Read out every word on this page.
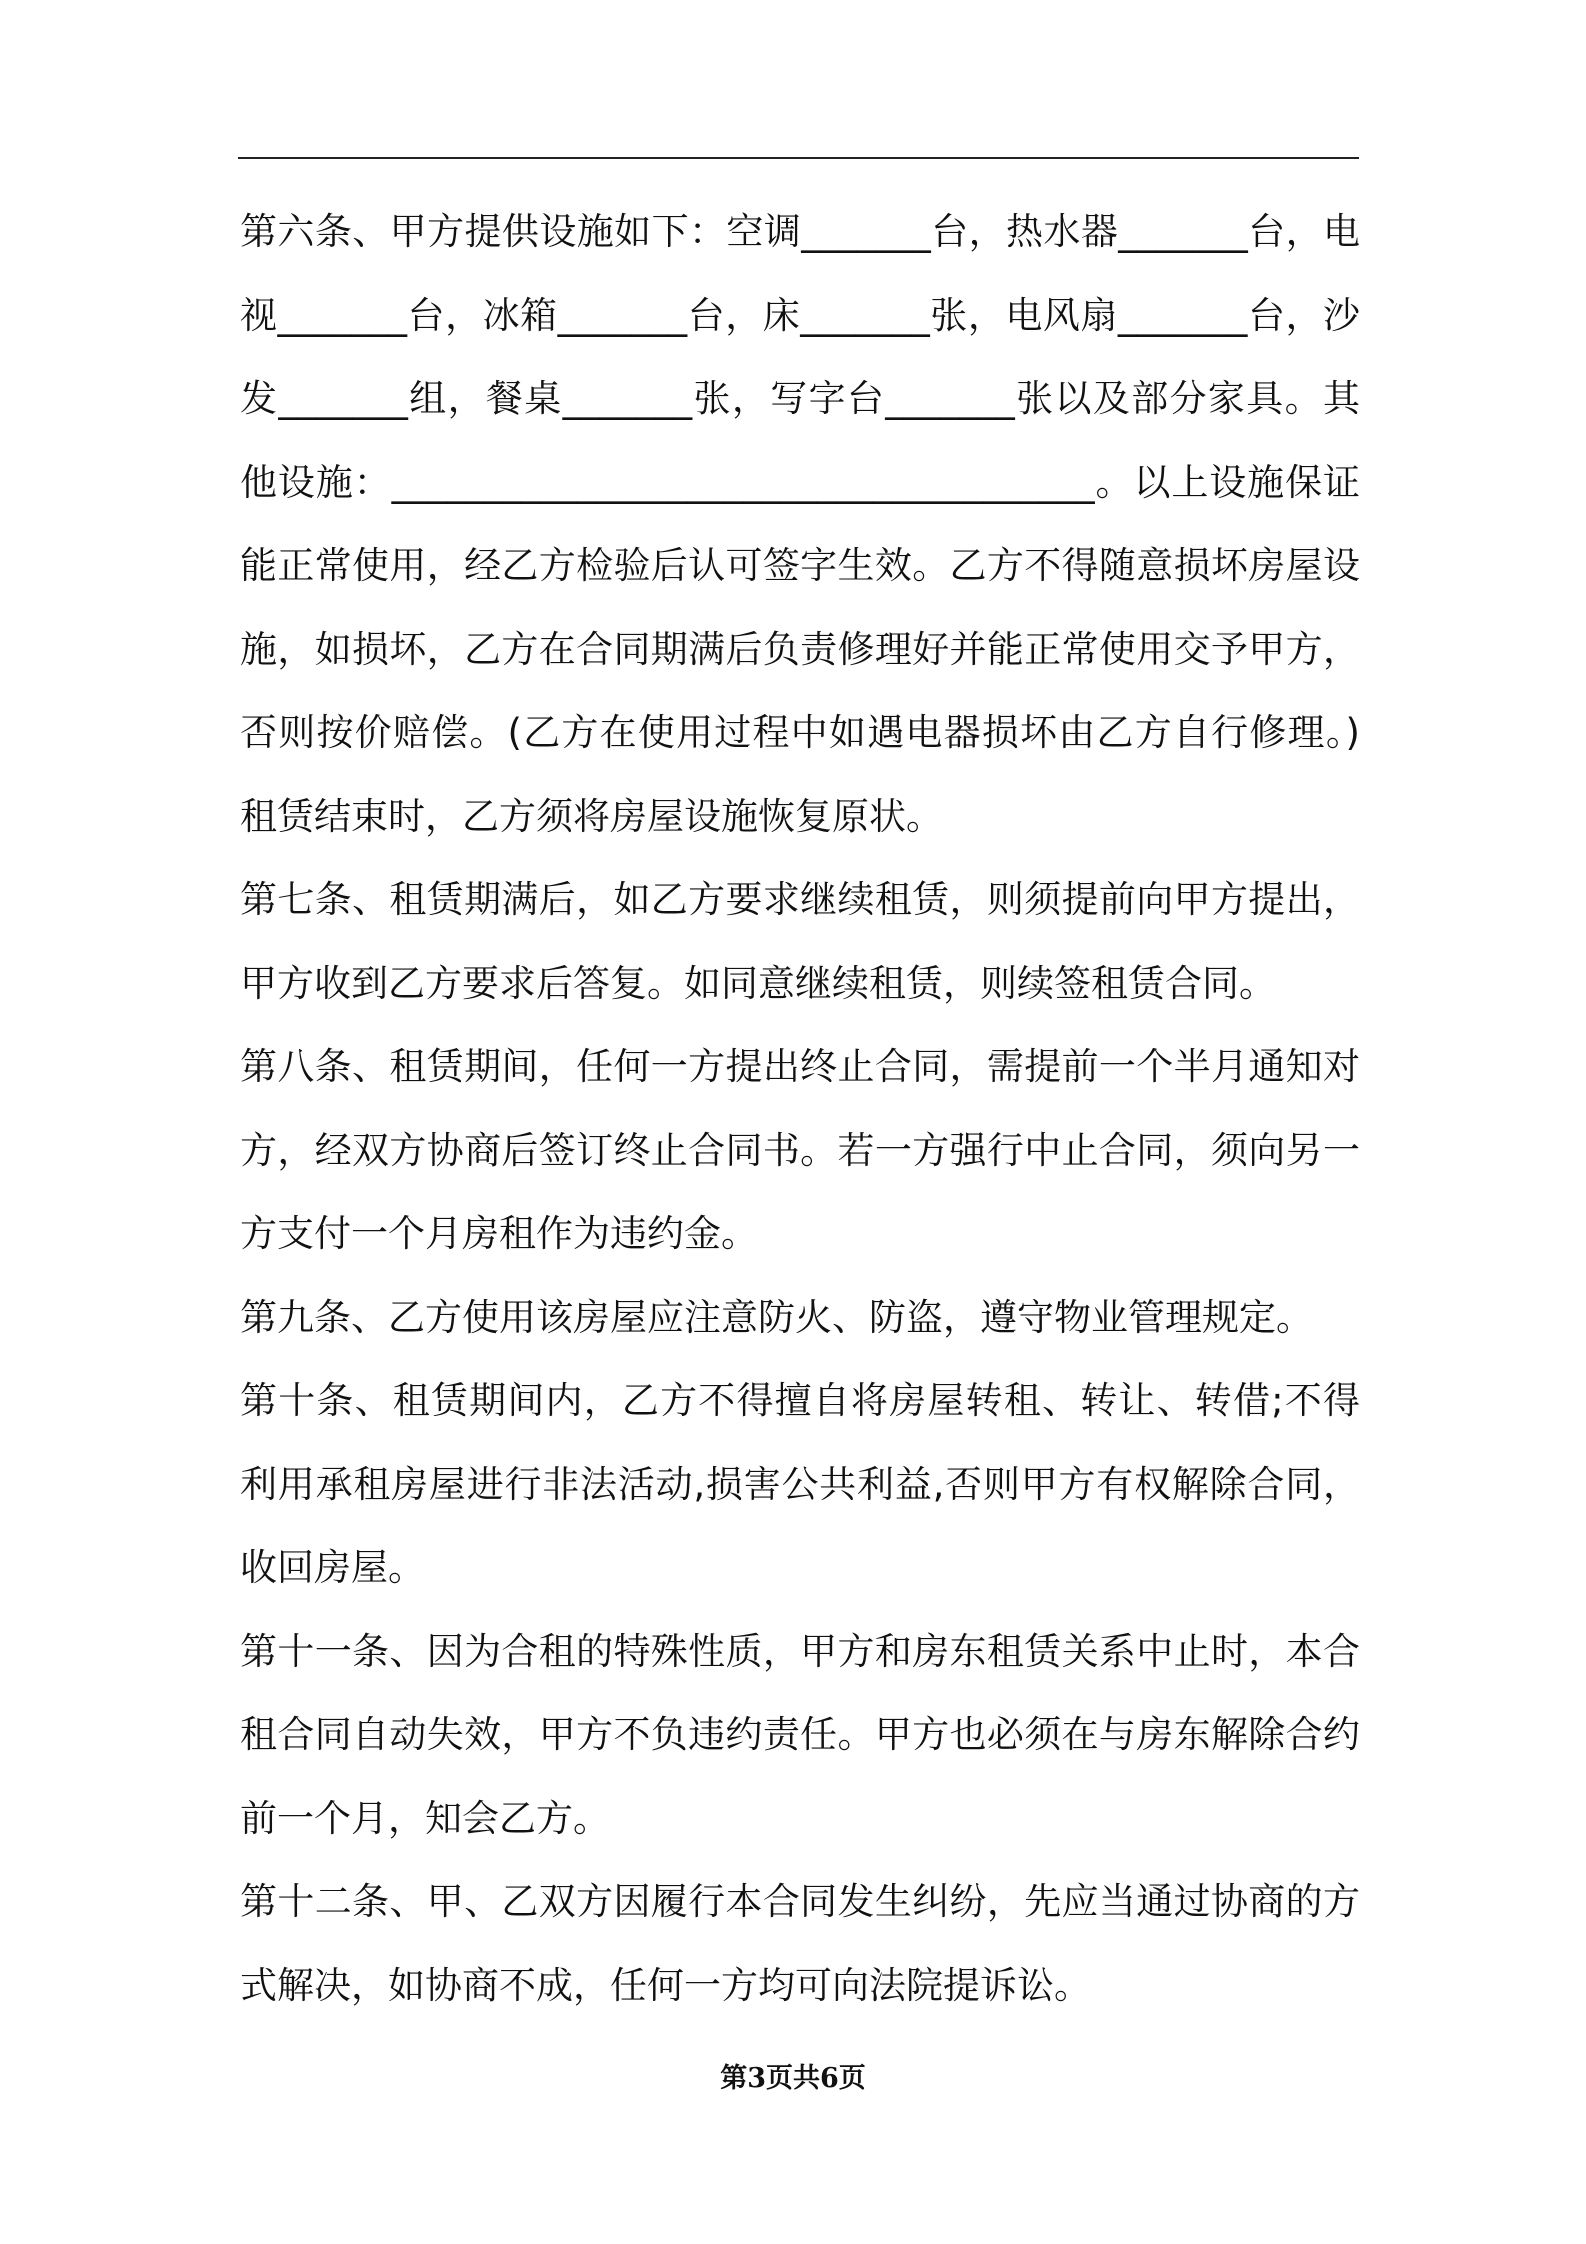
第六条、甲方提供设施如下：空调_______台，热水器_______台，电视_______台，冰箱_______台，床_______张，电风扇_______台，沙发_______组，餐桌_______张，写字台_______张以及部分家具。其他设施：______________________________________。以上设施保证能正常使用，经乙方检验后认可签字生效。乙方不得随意损坏房屋设施，如损坏，乙方在合同期满后负责修理好并能正常使用交予甲方，否则按价赔偿。(乙方在使用过程中如遇电器损坏由乙方自行修理。)租赁结束时，乙方须将房屋设施恢复原状。

第七条、租赁期满后，如乙方要求继续租赁，则须提前向甲方提出，甲方收到乙方要求后答复。如同意继续租赁，则续签租赁合同。

第八条、租赁期间，任何一方提出终止合同，需提前一个半月通知对方，经双方协商后签订终止合同书。若一方强行中止合同，须向另一方支付一个月房租作为违约金。

第九条、乙方使用该房屋应注意防火、防盗，遵守物业管理规定。

第十条、租赁期间内，乙方不得擅自将房屋转租、转让、转借;不得利用承租房屋进行非法活动,损害公共利益,否则甲方有权解除合同，收回房屋。

第十一条、因为合租的特殊性质，甲方和房东租赁关系中止时，本合租合同自动失效，甲方不负违约责任。甲方也必须在与房东解除合约前一个月，知会乙方。

第十二条、甲、乙双方因履行本合同发生纠纷，先应当通过协商的方式解决，如协商不成，任何一方均可向法院提诉讼。

第3页共6页
